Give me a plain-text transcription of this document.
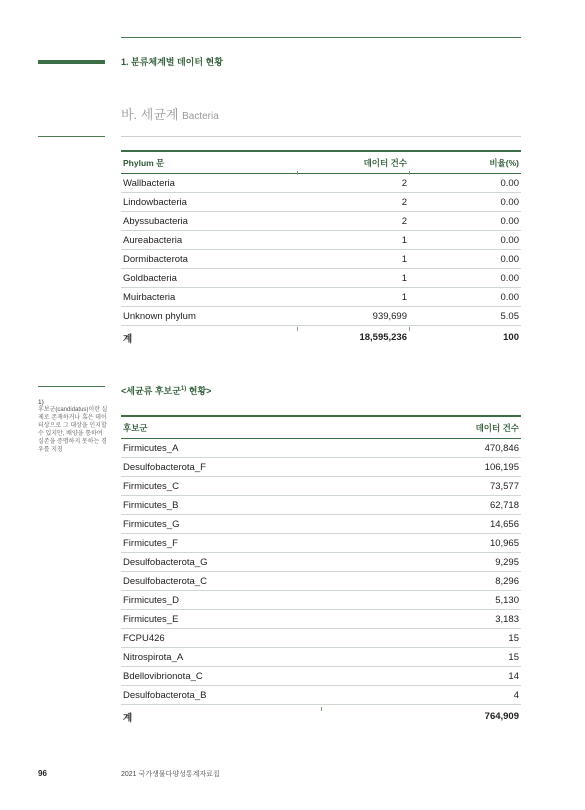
1. 분류체계별 데이터 현황
바. 세균계 Bacteria
Phylum 문	데이터 건수	비율(%)
Wallbacteria	2	0.00
Lindowbacteria	2	0.00
Abyssubacteria	2	0.00
Aureabacteria	1	0.00
Dormibacterota	1	0.00
Goldbacteria	1	0.00
Muirbacteria	1	0.00
Unknown phylum	939,699	5.05
계	18,595,236	100
1)
후보군(candidatus)이란 실제로 존재하거나 혹은 데이터상으로 그 대상을 인지할 수 있지만, 배양을 통하여 실존을 증명하지 못하는 경우를 지칭
<세균류 후보군$^{1)}$ 현황>
후보군	데이터 건수
Firmicutes_A	470,846
Desulfobacterota_F	106,195
Firmicutes_C	73,577
Firmicutes_B	62,718
Firmicutes_G	14,656
Firmicutes_F	10,965
Desulfobacterota_G	9,295
Desulfobacterota_C	8,296
Firmicutes_D	5,130
Firmicutes_E	3,183
FCPU426	15
Nitrospirota_A	15
Bdellovibrionota_C	14
Desulfobacterota_B	4
계	764,909
96	2021 국가생물다양성통계자료집
